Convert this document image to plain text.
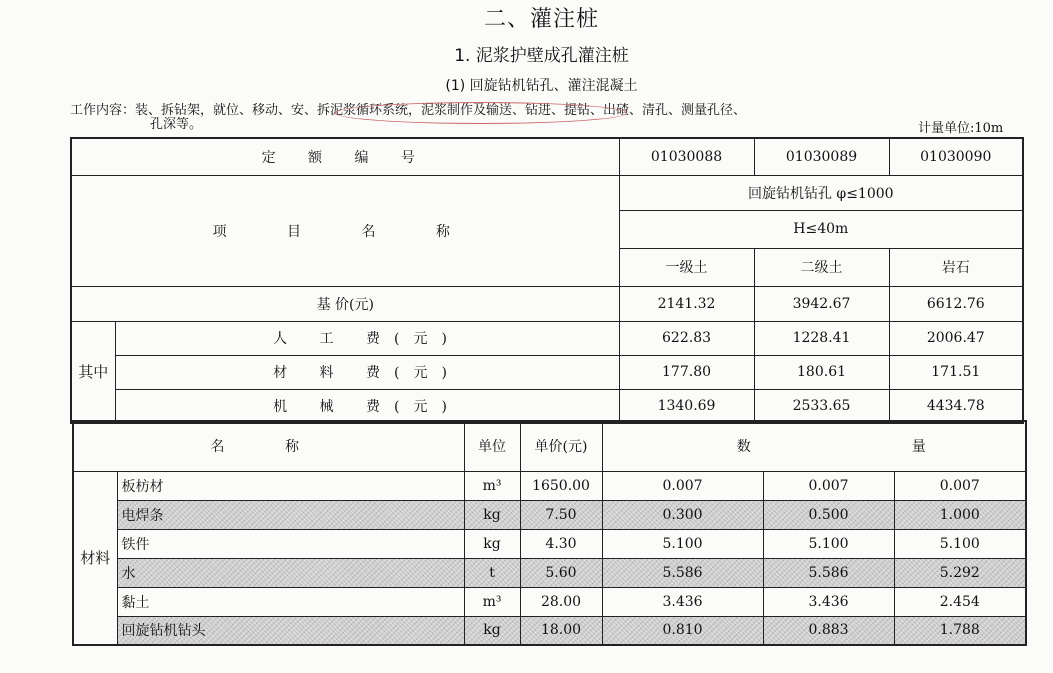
二、灌注桩
1. 泥浆护壁成孔灌注桩
(1) 回旋钻机钻孔、灌注混凝土
工作内容：装、拆钻架，就位、移动、安、拆泥浆循环系统，泥浆制作及输送、钻进、提钻、出碴、清孔、测量孔径、
孔深等。	计量单位:10m
定 额 编 号		01030088	01030089	01030090
项 目 名 称		回旋钻机钻孔 φ≤1000		
		H≤40m		
		一级土	二级土	岩石
基 价(元)		2141.32	3942.67	6612.76
其中	人 工 费(元)	622.83	1228.41	2006.47
	材 料 费(元)	177.80	180.61	171.51
	机 械 费(元)	1340.69	2533.65	4434.78
名 称		单位	单价(元)	数 量		
材料	板枋材	m³	1650.00	0.007	0.007	0.007
	电焊条	kg	7.50	0.300	0.500	1.000
	铁件	kg	4.30	5.100	5.100	5.100
	水	t	5.60	5.586	5.586	5.292
	黏土	m³	28.00	3.436	3.436	2.454
	回旋钻机钻头	kg	18.00	0.810	0.883	1.788
